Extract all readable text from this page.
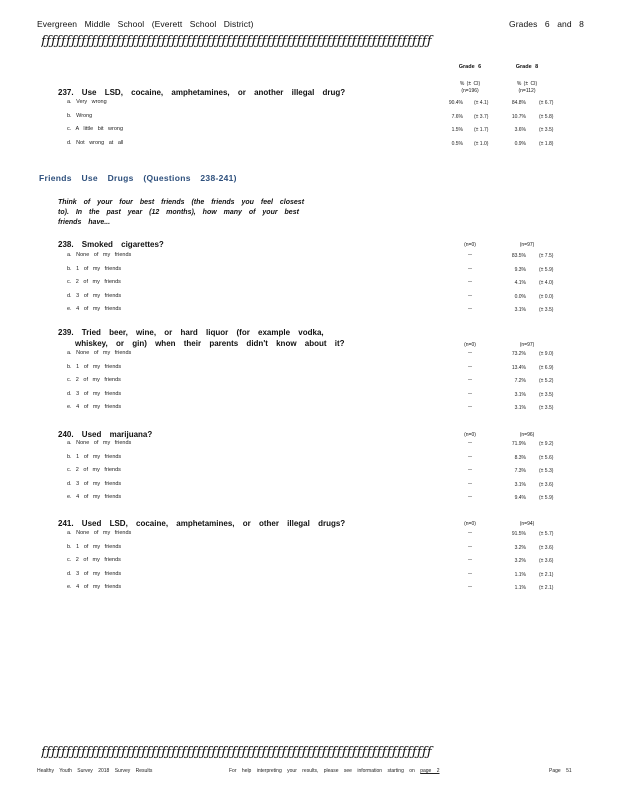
Evergreen Middle School (Everett School District)	Grades 6 and 8
ƒƒƒƒƒƒƒƒƒƒƒƒƒƒƒƒƒƒƒƒƒƒƒƒƒƒƒƒƒƒƒƒƒƒƒƒƒƒƒƒƒƒƒƒƒƒƒƒƒƒƒƒƒƒƒƒƒƒƒƒƒƒƒƒƒƒƒƒƒƒƒƒƒƒƒƒƒƒ
Grade 6	Grade 8
% (± CI)	% (± CI)
(n=196)	(n=112)
237. Use LSD, cocaine, amphetamines, or another illegal drug?
a. Very wrong	90.4% (± 4.1)	84.8%	(± 6.7)
b. Wrong	7.6% (± 3.7)	10.7%	(± 5.8)
c. A little bit wrong	1.5% (± 1.7)	3.6%	(± 3.5)
d. Not wrong at all	0.5% (± 1.0)	0.9%	(± 1.8)
Friends Use Drugs (Questions 238-241)
Think of your four best friends (the friends you feel closest
to). In the past year (12 months), how many of your best
friends have...
238. Smoked cigarettes?	(n=0)	(n=97)
a. None of my friends	--	83.5%	(± 7.5)
b. 1 of my friends	--	9.3%	(± 5.9)
c. 2 of my friends	--	4.1%	(± 4.0)
d. 3 of my friends	--	0.0%	(± 0.0)
e. 4 of my friends	--	3.1%	(± 3.5)
239. Tried beer, wine, or hard liquor (for example vodka,
whiskey, or gin) when their parents didn't know about it?	(n=0)	(n=97)
a. None of my friends	--	73.2%	(± 9.0)
b. 1 of my friends	--	13.4%	(± 6.9)
c. 2 of my friends	--	7.2%	(± 5.2)
d. 3 of my friends	--	3.1%	(± 3.5)
e. 4 of my friends	--	3.1%	(± 3.5)
240. Used marijuana?	(n=0)	(n=96)
a. None of my friends	--	71.9%	(± 9.2)
b. 1 of my friends	--	8.3%	(± 5.6)
c. 2 of my friends	--	7.3%	(± 5.3)
d. 3 of my friends	--	3.1%	(± 3.6)
e. 4 of my friends	--	9.4%	(± 5.9)
241. Used LSD, cocaine, amphetamines, or other illegal drugs?	(n=0)	(n=94)
a. None of my friends	--	91.5%	(± 5.7)
b. 1 of my friends	--	3.2%	(± 3.6)
c. 2 of my friends	--	3.2%	(± 3.6)
d. 3 of my friends	--	1.1%	(± 2.1)
e. 4 of my friends	--	1.1%	(± 2.1)
ƒƒƒƒƒƒƒƒƒƒƒƒƒƒƒƒƒƒƒƒƒƒƒƒƒƒƒƒƒƒƒƒƒƒƒƒƒƒƒƒƒƒƒƒƒƒƒƒƒƒƒƒƒƒƒƒƒƒƒƒƒƒƒƒƒƒƒƒƒƒƒƒƒƒƒƒƒƒ
Healthy Youth Survey 2018 Survey Results	For help interpreting your results, please see information starting on page 2	Page 51
